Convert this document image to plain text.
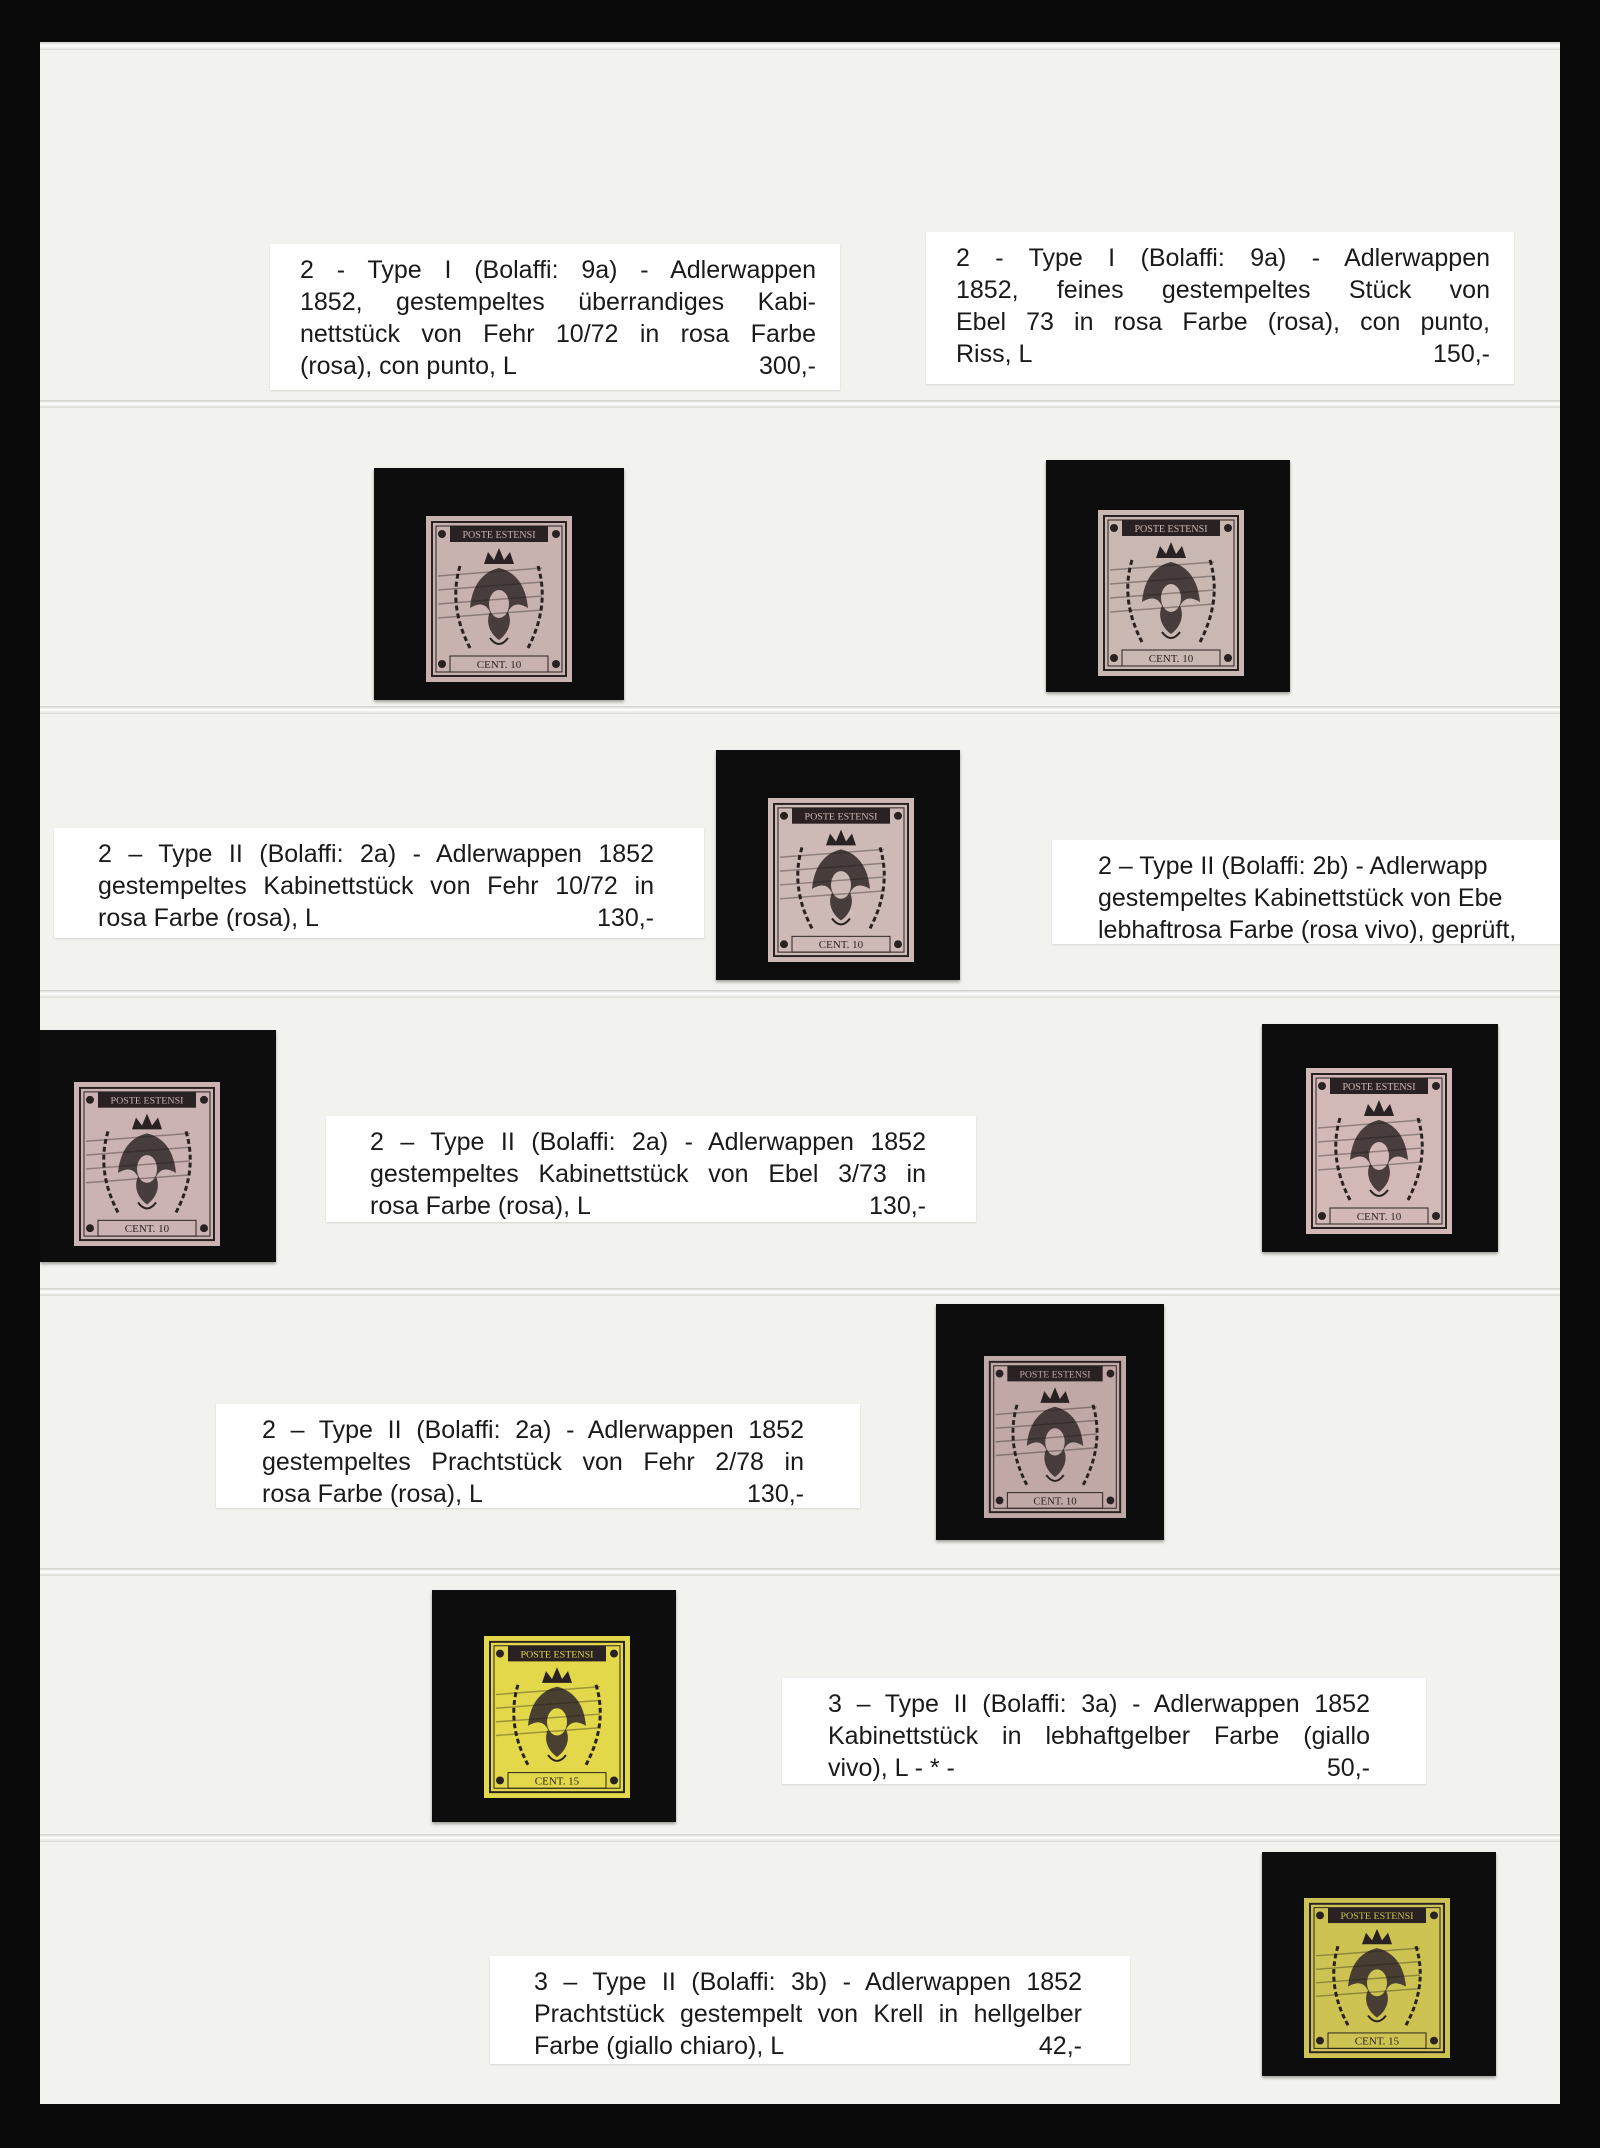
2 - Type I (Bolaffi: 9a) - Adlerwappen
1852, gestempeltes überrandiges Kabi-
nettstück von Fehr 10/72 in rosa Farbe
(rosa), con punto, L	300,-
2 - Type I (Bolaffi: 9a) - Adlerwappen
1852, feines gestempeltes Stück von
Ebel 73 in rosa Farbe (rosa), con punto,
Riss, L	150,-
2 – Type II (Bolaffi: 2a) - Adlerwappen 1852
gestempeltes Kabinettstück von Fehr 10/72 in
rosa Farbe (rosa), L	130,-
2 – Type II (Bolaffi: 2b) - Adlerwapp
gestempeltes Kabinettstück von Ebe
lebhaftrosa Farbe (rosa vivo), geprüft,
2 – Type II (Bolaffi: 2a) - Adlerwappen 1852
gestempeltes Kabinettstück von Ebel 3/73 in
rosa Farbe (rosa), L	130,-
2 – Type II (Bolaffi: 2a) - Adlerwappen 1852
gestempeltes Prachtstück von Fehr 2/78 in
rosa Farbe (rosa), L	130,-
3 – Type II (Bolaffi: 3a) - Adlerwappen 1852
Kabinettstück in lebhaftgelber Farbe (giallo
vivo), L - * -	50,-
3 – Type II (Bolaffi: 3b) - Adlerwappen 1852
Prachtstück gestempelt von Krell in hellgelber
Farbe (giallo chiaro), L	42,-
POSTE ESTENSI
CENT. 10
POSTE ESTENSI
CENT. 10
POSTE ESTENSI
CENT. 10
POSTE ESTENSI
CENT. 10
POSTE ESTENSI
CENT. 10
POSTE ESTENSI
CENT. 10
POSTE ESTENSI
CENT. 15
POSTE ESTENSI
CENT. 15
